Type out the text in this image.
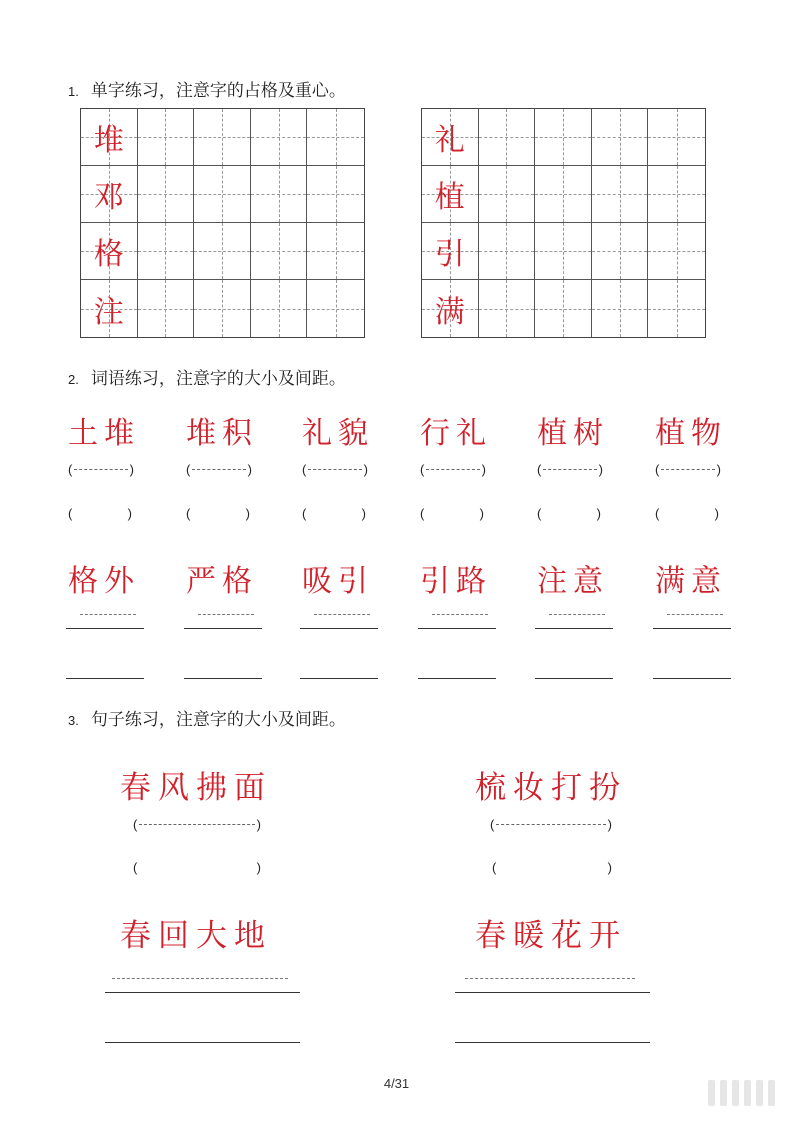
1. 单字练习，注意字的占格及重心。
2. 词语练习，注意字的大小及间距。
3. 句子练习，注意字的大小及间距。
堆
邓
格
注
礼
植
引
满
土堆
(	)
(	)
格外
堆积
(	)
(	)
严格
礼貌
(	)
(	)
吸引
行礼
(	)
(	)
引路
植树
(	)
(	)
注意
植物
(	)
(	)
满意
春风拂面	梳妆打扮
春回大地	春暖花开
(	)
(	)
(	)
(	)
4/31
